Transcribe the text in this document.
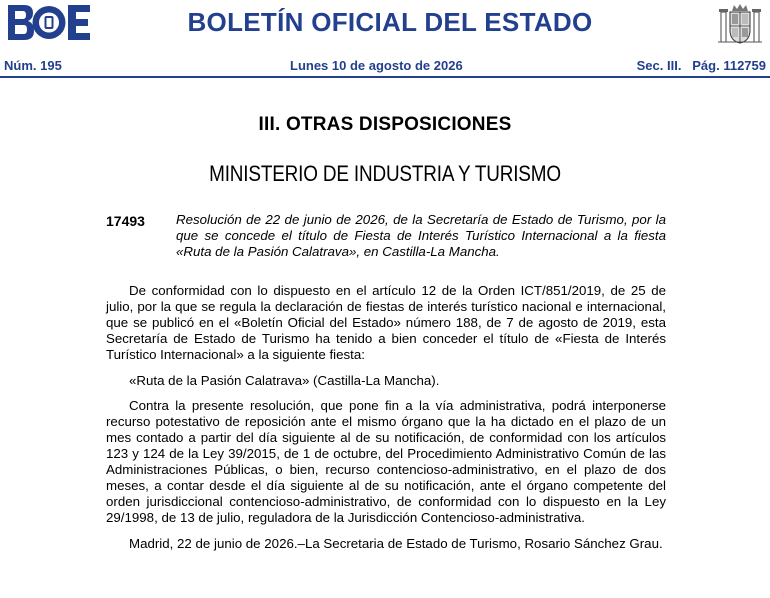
BOLETÍN OFICIAL DEL ESTADO
Núm. 195	Lunes 10 de agosto de 2026	Sec. III.   Pág. 112759
III. OTRAS DISPOSICIONES
MINISTERIO DE INDUSTRIA Y TURISMO
17493 Resolución de 22 de junio de 2026, de la Secretaría de Estado de Turismo, por la que se concede el título de Fiesta de Interés Turístico Internacional a la fiesta «Ruta de la Pasión Calatrava», en Castilla-La Mancha.

De conformidad con lo dispuesto en el artículo 12 de la Orden ICT/851/2019, de 25 de julio, por la que se regula la declaración de fiestas de interés turístico nacional e internacional, que se publicó en el «Boletín Oficial del Estado» número 188, de 7 de agosto de 2019, esta Secretaría de Estado de Turismo ha tenido a bien conceder el título de «Fiesta de Interés Turístico Internacional» a la siguiente fiesta:

«Ruta de la Pasión Calatrava» (Castilla-La Mancha).

Contra la presente resolución, que pone fin a la vía administrativa, podrá interponerse recurso potestativo de reposición ante el mismo órgano que la ha dictado en el plazo de un mes contado a partir del día siguiente al de su notificación, de conformidad con los artículos 123 y 124 de la Ley 39/2015, de 1 de octubre, del Procedimiento Administrativo Común de las Administraciones Públicas, o bien, recurso contencioso-administrativo, en el plazo de dos meses, a contar desde el día siguiente al de su notificación, ante el órgano competente del orden jurisdiccional contencioso-administrativo, de conformidad con lo dispuesto en la Ley 29/1998, de 13 de julio, reguladora de la Jurisdicción Contencioso-administrativa.

Madrid, 22 de junio de 2026.–La Secretaria de Estado de Turismo, Rosario Sánchez Grau.
